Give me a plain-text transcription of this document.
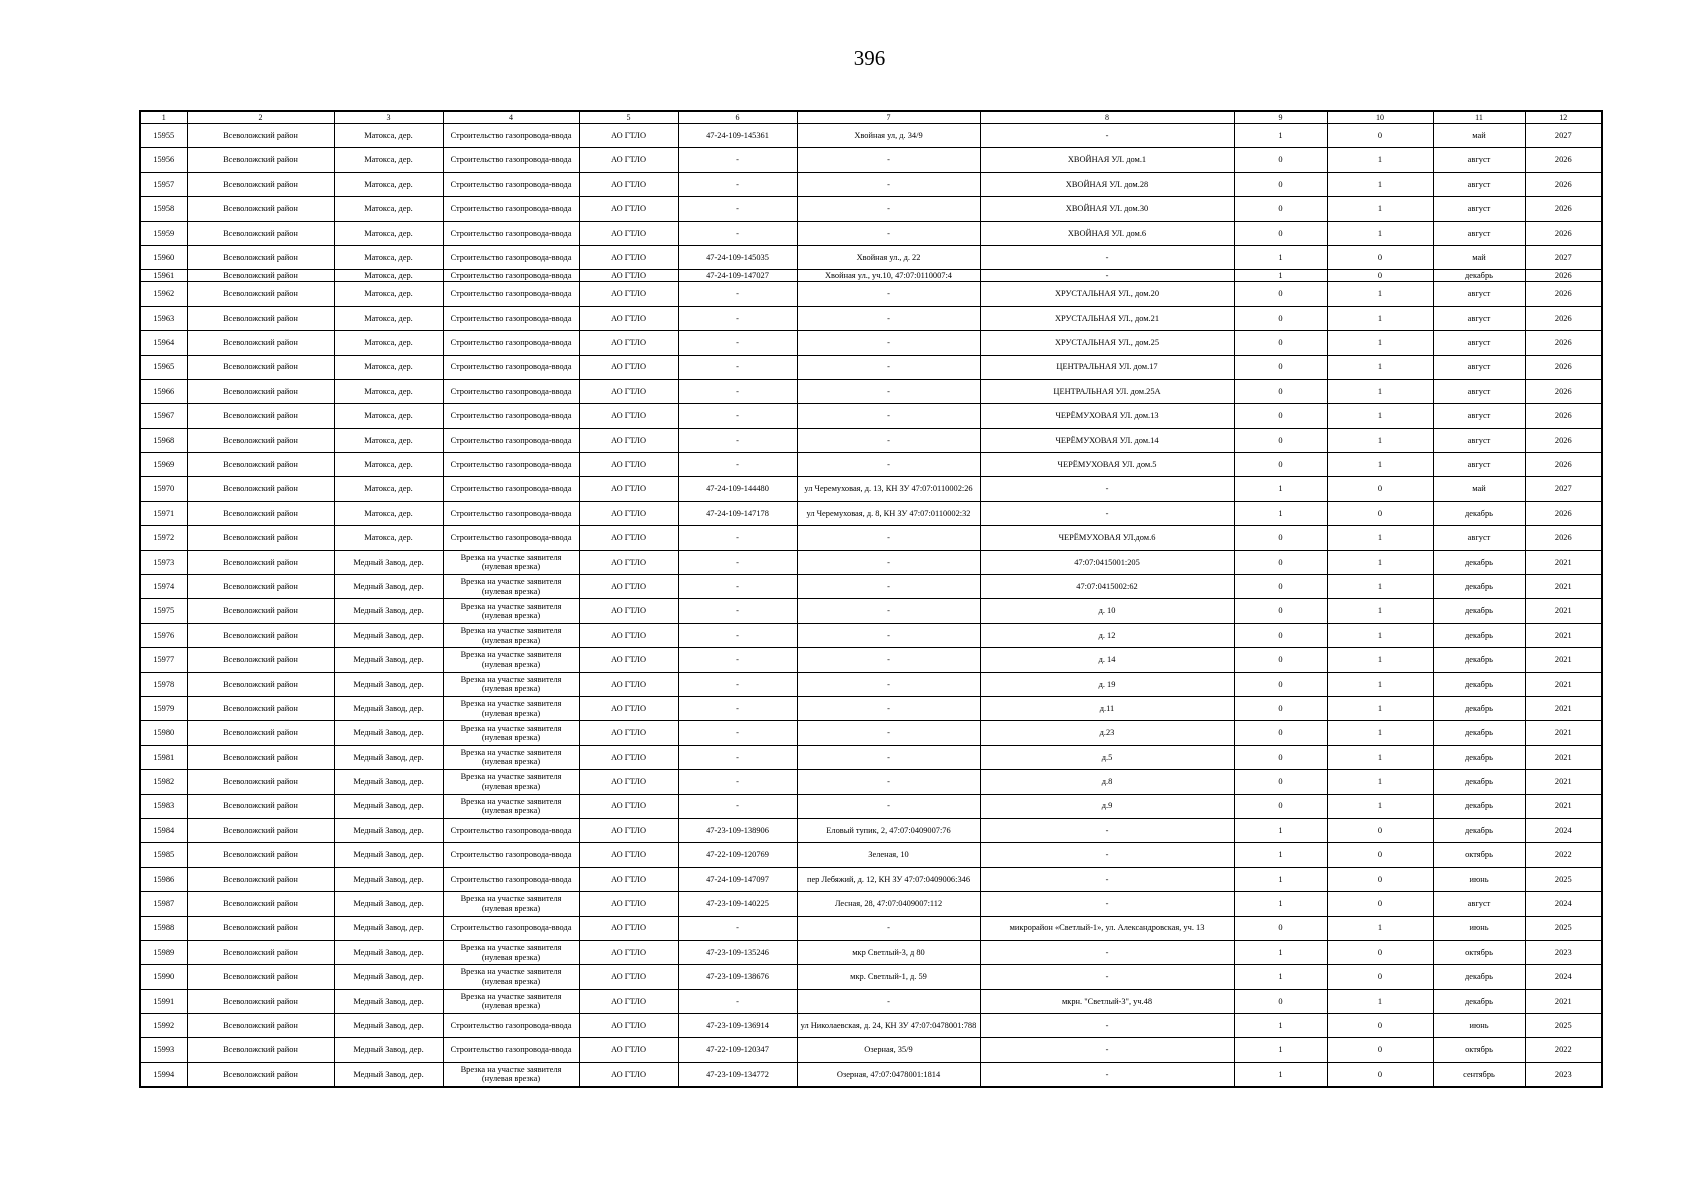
396
1	2	3	4	5	6	7	8	9	10	11	12
15955	Всеволожский район	Матокса, дер.	Строительство газопровода-ввода	АО ГТЛО	47-24-109-145361	Хвойная ул, д. 34/9	-	1	0	май	2027
15956	Всеволожский район	Матокса, дер.	Строительство газопровода-ввода	АО ГТЛО	-	-	ХВОЙНАЯ УЛ. дом.1	0	1	август	2026
15957	Всеволожский район	Матокса, дер.	Строительство газопровода-ввода	АО ГТЛО	-	-	ХВОЙНАЯ УЛ. дом.28	0	1	август	2026
15958	Всеволожский район	Матокса, дер.	Строительство газопровода-ввода	АО ГТЛО	-	-	ХВОЙНАЯ УЛ. дом.30	0	1	август	2026
15959	Всеволожский район	Матокса, дер.	Строительство газопровода-ввода	АО ГТЛО	-	-	ХВОЙНАЯ УЛ. дом.6	0	1	август	2026
15960	Всеволожский район	Матокса, дер.	Строительство газопровода-ввода	АО ГТЛО	47-24-109-145035	Хвойная ул., д. 22	-	1	0	май	2027
15961	Всеволожский район	Матокса, дер.	Строительство газопровода-ввода	АО ГТЛО	47-24-109-147027	Хвойная ул., уч.10, 47:07:0110007:4	-	1	0	декабрь	2026
15962	Всеволожский район	Матокса, дер.	Строительство газопровода-ввода	АО ГТЛО	-	-	ХРУСТАЛЬНАЯ УЛ., дом.20	0	1	август	2026
15963	Всеволожский район	Матокса, дер.	Строительство газопровода-ввода	АО ГТЛО	-	-	ХРУСТАЛЬНАЯ УЛ., дом.21	0	1	август	2026
15964	Всеволожский район	Матокса, дер.	Строительство газопровода-ввода	АО ГТЛО	-	-	ХРУСТАЛЬНАЯ УЛ., дом.25	0	1	август	2026
15965	Всеволожский район	Матокса, дер.	Строительство газопровода-ввода	АО ГТЛО	-	-	ЦЕНТРАЛЬНАЯ УЛ. дом.17	0	1	август	2026
15966	Всеволожский район	Матокса, дер.	Строительство газопровода-ввода	АО ГТЛО	-	-	ЦЕНТРАЛЬНАЯ УЛ. дом.25А	0	1	август	2026
15967	Всеволожский район	Матокса, дер.	Строительство газопровода-ввода	АО ГТЛО	-	-	ЧЕРЁМУХОВАЯ УЛ. дом.13	0	1	август	2026
15968	Всеволожский район	Матокса, дер.	Строительство газопровода-ввода	АО ГТЛО	-	-	ЧЕРЁМУХОВАЯ УЛ. дом.14	0	1	август	2026
15969	Всеволожский район	Матокса, дер.	Строительство газопровода-ввода	АО ГТЛО	-	-	ЧЕРЁМУХОВАЯ УЛ. дом.5	0	1	август	2026
15970	Всеволожский район	Матокса, дер.	Строительство газопровода-ввода	АО ГТЛО	47-24-109-144480	ул Черемуховая, д. 13, КН ЗУ 47:07:0110002:26	-	1	0	май	2027
15971	Всеволожский район	Матокса, дер.	Строительство газопровода-ввода	АО ГТЛО	47-24-109-147178	ул Черемуховая, д. 8, КН ЗУ 47:07:0110002:32	-	1	0	декабрь	2026
15972	Всеволожский район	Матокса, дер.	Строительство газопровода-ввода	АО ГТЛО	-	-	ЧЕРЁМУХОВАЯ УЛ.дом.6	0	1	август	2026
15973	Всеволожский район	Медный Завод, дер.	Врезка на участке заявителя (нулевая врезка)	АО ГТЛО	-	-	47:07:0415001:205	0	1	декабрь	2021
15974	Всеволожский район	Медный Завод, дер.	Врезка на участке заявителя (нулевая врезка)	АО ГТЛО	-	-	47:07:0415002:62	0	1	декабрь	2021
15975	Всеволожский район	Медный Завод, дер.	Врезка на участке заявителя (нулевая врезка)	АО ГТЛО	-	-	д. 10	0	1	декабрь	2021
15976	Всеволожский район	Медный Завод, дер.	Врезка на участке заявителя (нулевая врезка)	АО ГТЛО	-	-	д. 12	0	1	декабрь	2021
15977	Всеволожский район	Медный Завод, дер.	Врезка на участке заявителя (нулевая врезка)	АО ГТЛО	-	-	д. 14	0	1	декабрь	2021
15978	Всеволожский район	Медный Завод, дер.	Врезка на участке заявителя (нулевая врезка)	АО ГТЛО	-	-	д. 19	0	1	декабрь	2021
15979	Всеволожский район	Медный Завод, дер.	Врезка на участке заявителя (нулевая врезка)	АО ГТЛО	-	-	д.11	0	1	декабрь	2021
15980	Всеволожский район	Медный Завод, дер.	Врезка на участке заявителя (нулевая врезка)	АО ГТЛО	-	-	д.23	0	1	декабрь	2021
15981	Всеволожский район	Медный Завод, дер.	Врезка на участке заявителя (нулевая врезка)	АО ГТЛО	-	-	д.5	0	1	декабрь	2021
15982	Всеволожский район	Медный Завод, дер.	Врезка на участке заявителя (нулевая врезка)	АО ГТЛО	-	-	д.8	0	1	декабрь	2021
15983	Всеволожский район	Медный Завод, дер.	Врезка на участке заявителя (нулевая врезка)	АО ГТЛО	-	-	д.9	0	1	декабрь	2021
15984	Всеволожский район	Медный Завод, дер.	Строительство газопровода-ввода	АО ГТЛО	47-23-109-138906	Еловый тупик, 2, 47:07:0409007:76	-	1	0	декабрь	2024
15985	Всеволожский район	Медный Завод, дер.	Строительство газопровода-ввода	АО ГТЛО	47-22-109-120769	Зеленая, 10	-	1	0	октябрь	2022
15986	Всеволожский район	Медный Завод, дер.	Строительство газопровода-ввода	АО ГТЛО	47-24-109-147097	пер Лебяжий, д. 12, КН ЗУ 47:07:0409006:346	-	1	0	июнь	2025
15987	Всеволожский район	Медный Завод, дер.	Врезка на участке заявителя (нулевая врезка)	АО ГТЛО	47-23-109-140225	Лесная, 28, 47:07:0409007:112	-	1	0	август	2024
15988	Всеволожский район	Медный Завод, дер.	Строительство газопровода-ввода	АО ГТЛО	-	-	микрорайон «Светлый-1», ул. Александровская, уч. 13	0	1	июнь	2025
15989	Всеволожский район	Медный Завод, дер.	Врезка на участке заявителя (нулевая врезка)	АО ГТЛО	47-23-109-135246	мкр Светлый-3, д 80	-	1	0	октябрь	2023
15990	Всеволожский район	Медный Завод, дер.	Врезка на участке заявителя (нулевая врезка)	АО ГТЛО	47-23-109-138676	мкр. Светлый-1, д. 59	-	1	0	декабрь	2024
15991	Всеволожский район	Медный Завод, дер.	Врезка на участке заявителя (нулевая врезка)	АО ГТЛО	-	-	мкрн. "Светлый-3", уч.48	0	1	декабрь	2021
15992	Всеволожский район	Медный Завод, дер.	Строительство газопровода-ввода	АО ГТЛО	47-23-109-136914	ул Николаевская, д. 24, КН ЗУ 47:07:0478001:788	-	1	0	июнь	2025
15993	Всеволожский район	Медный Завод, дер.	Строительство газопровода-ввода	АО ГТЛО	47-22-109-120347	Озерная, 35/9	-	1	0	октябрь	2022
15994	Всеволожский район	Медный Завод, дер.	Врезка на участке заявителя (нулевая врезка)	АО ГТЛО	47-23-109-134772	Озерная, 47:07:0478001:1814	-	1	0	сентябрь	2023
